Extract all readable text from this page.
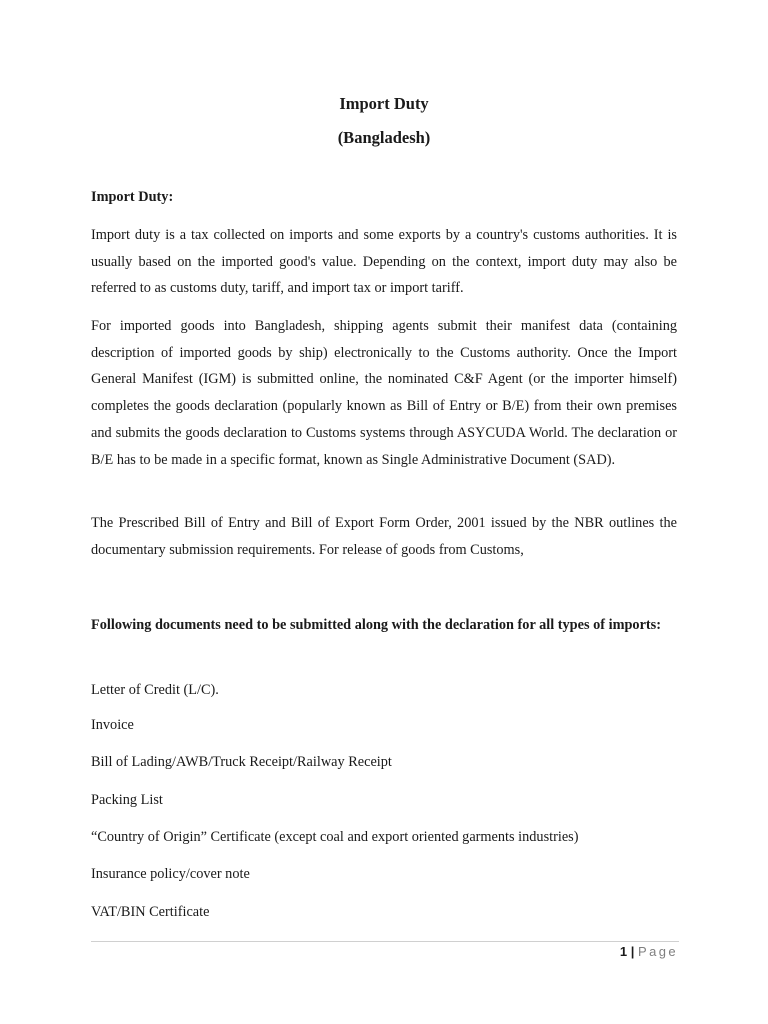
Import Duty
(Bangladesh)
Import Duty:

Import duty is a tax collected on imports and some exports by a country's customs authorities. It is usually based on the imported good's value. Depending on the context, import duty may also be referred to as customs duty, tariff, and import tax or import tariff.

For imported goods into Bangladesh, shipping agents submit their manifest data (containing description of imported goods by ship) electronically to the Customs authority. Once the Import General Manifest (IGM) is submitted online, the nominated C&F Agent (or the importer himself) completes the goods declaration (popularly known as Bill of Entry or B/E) from their own premises and submits the goods declaration to Customs systems through ASYCUDA World. The declaration or B/E has to be made in a specific format, known as Single Administrative Document (SAD).

The Prescribed Bill of Entry and Bill of Export Form Order, 2001 issued by the NBR outlines the documentary submission requirements. For release of goods from Customs,

Following documents need to be submitted along with the declaration for all types of imports:

Letter of Credit (L/C).

Invoice

Bill of Lading/AWB/Truck Receipt/Railway Receipt

Packing List

“Country of Origin” Certificate (except coal and export oriented garments industries)

Insurance policy/cover note

VAT/BIN Certificate

1 | Page
